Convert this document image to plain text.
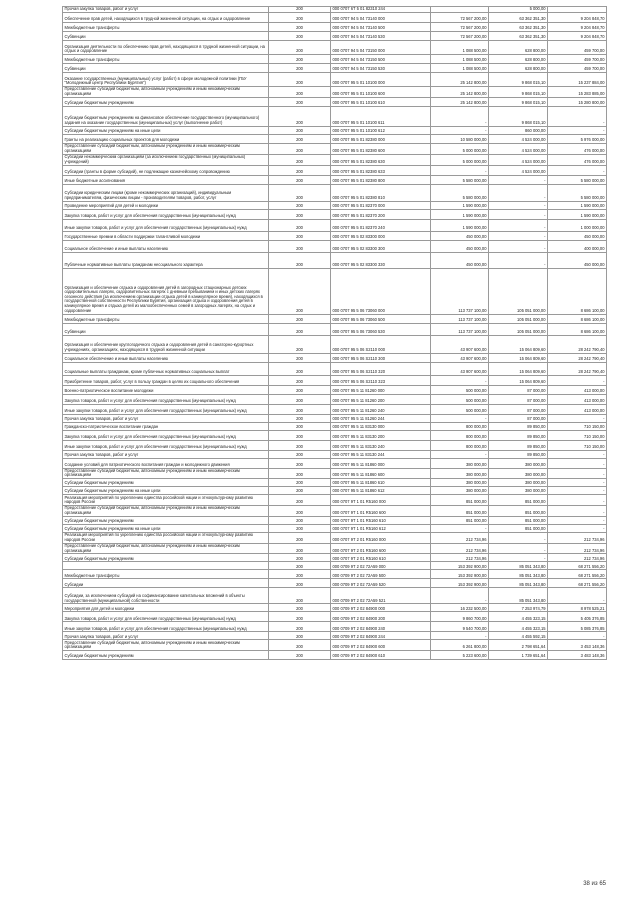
Прочая закупка товаров, работ и услуг	200	000 0707 6Т 5 01 82310 244		5 000,00	
Обеспечение прав детей, находящихся в трудной жизненной ситуации, на отдых и оздоровление	200	000 0707 94 5 04 73140 000	72 567 200,00	63 362 351,30	9 204 848,70
Межбюджетные трансферты	200	000 0707 94 5 04 73140 500	72 567 200,00	63 362 351,30	9 204 848,70
Субвенции	200	000 0707 94 5 04 73140 530	72 567 200,00	63 362 351,30	9 204 848,70
Организация деятельности по обеспечению прав детей, находящихся в трудной жизненной ситуации, на отдых и оздоровление	200	000 0707 94 5 04 73150 000	1 088 500,00	628 800,00	459 700,00
Межбюджетные трансферты	200	000 0707 94 5 04 73150 500	1 088 500,00	628 800,00	459 700,00
Субвенции	200	000 0707 94 5 04 73150 530	1 088 500,00	628 800,00	459 700,00
Оказание государственных (муниципальных) услуг (работ) в сфере молодежной политики (ГБУ "Молодежный центр Республики Бурятия")	200	000 0707 95 5 01 10100 000	25 142 800,00	9 868 015,10	15 237 884,00
Предоставление субсидий бюджетным, автономным учреждениям и иным некоммерческим организациям	200	000 0707 95 5 01 10100 600	25 142 800,00	9 868 015,10	15 283 885,00
Субсидии бюджетным учреждениям	200	000 0707 95 5 01 10100 610	25 142 800,00	9 868 015,10	15 280 800,00
Субсидии бюджетным учреждениям на финансовое обеспечение государственного (муниципального) задания на оказание государственных (муниципальных) услуг (выполнение работ)	200	000 0707 95 5 01 10100 611	-	9 868 015,10	-
Субсидии бюджетным учреждениям на иные цели	200	000 0707 95 5 01 10100 612	-	860 000,00	-
Гранты на реализацию социальных проектов для молодежи	200	000 0707 95 5 01 82380 000	10 580 000,00	4 524 000,00	5 976 000,00
Предоставление субсидий бюджетным, автономным учреждениям и иным некоммерческим организациям	200	000 0707 95 5 01 82380 600	5 000 000,00	4 524 000,00	476 000,00
Субсидии некоммерческим организациям (за исключением государственных (муниципальных) учреждений)	200	000 0707 95 5 01 82380 630	5 000 000,00	4 524 000,00	476 000,00
Субсидии (гранты в форме субсидий), не подлежащие казначейскому сопровождению	200	000 0707 95 5 01 82380 633	-	4 524 000,00	-
Иные бюджетные ассигнования	200	000 0707 95 5 01 82380 800	5 580 000,00	-	5 580 000,00
Субсидии юридическим лицам (кроме некоммерческих организаций), индивидуальным предпринимателям, физическим лицам - производителям товаров, работ, услуг	200	000 0707 95 5 01 82380 810	5 580 000,00	-	5 580 000,00
Проведение мероприятий для детей и молодежи	200	000 0707 95 5 01 82370 000	1 590 000,00	-	1 590 000,00
Закупка товаров, работ и услуг для обеспечения государственных (муниципальных) нужд	200	000 0707 95 5 01 82370 200	1 590 000,00	-	1 590 000,00
Иные закупки товаров, работ и услуг для обеспечения государственных (муниципальных) нужд	200	000 0707 95 5 01 82370 240	1 590 000,00	-	1 000 000,00
Государственные премии в области поддержки талантливой молодежи	200	000 0707 95 5 02 83300 000	450 000,00	-	450 000,00
Социальное обеспечение и иные выплаты населению	200	000 0707 95 5 02 83300 300	450 000,00	-	400 000,00
Публичные нормативные выплаты гражданам несоциального характера	200	000 0707 95 5 02 83300 330	450 000,00	-	450 000,00
Организация и обеспечение отдыха и оздоровления детей в загородных стационарных детских оздоровительных лагерях, оздоровительных лагерях с дневным пребыванием и иных детских лагерях сезонного действия (за исключением организации отдыха детей в каникулярное время), находящихся в государственной собственности Республики Бурятия, организация отдыха и оздоровления детей в каникулярное время и отдыха детей из малообеспеченных семей в загородных лагерях, на отдых и оздоровление	200	000 0707 95 5 06 73060 000	113 737 100,00	105 051 000,00	8 686 100,00
Межбюджетные трансферты	200	000 0707 95 5 06 73060 500	113 737 100,00	105 051 000,00	8 686 100,00
Субвенции	200	000 0707 95 5 06 73060 530	113 737 100,00	105 051 000,00	8 686 100,00
Организация и обеспечение круглогодичного отдыха и оздоровления детей в санаторно-курортных учреждениях, организациях, находящихся в трудной жизненной ситуации	200	000 0707 95 5 06 S2110 000	43 907 600,00	15 064 809,60	28 242 790,40
Социальное обеспечение и иные выплаты населению	200	000 0707 95 5 06 S2110 300	43 907 600,00	15 064 809,60	28 242 790,40
Социальные выплаты гражданам, кроме публичных нормативных социальных выплат	200	000 0707 95 5 06 S2110 320	43 907 600,00	15 064 809,60	28 242 790,40
Приобретение товаров, работ, услуг в пользу граждан в целях их социального обеспечения	200	000 0707 95 5 06 S2110 323	-	15 064 809,60	-
Военно-патриотическое воспитание молодежи	200	000 0707 95 5 11 81260 000	500 000,00	87 000,00	413 000,00
Закупка товаров, работ и услуг для обеспечения государственных (муниципальных) нужд	200	000 0707 95 5 11 81260 200	500 000,00	87 000,00	413 000,00
Иные закупки товаров, работ и услуг для обеспечения государственных (муниципальных) нужд	200	000 0707 95 5 11 81260 240	500 000,00	87 000,00	413 000,00
Прочая закупка товаров, работ и услуг	200	000 0707 95 5 11 81260 244	-	87 000,00	-
Гражданско-патриотическое воспитание граждан	200	000 0707 95 5 11 83130 000	800 000,00	89 850,00	710 150,00
Закупка товаров, работ и услуг для обеспечения государственных (муниципальных) нужд	200	000 0707 95 5 11 83130 200	800 000,00	89 850,00	710 150,00
Иные закупки товаров, работ и услуг для обеспечения государственных (муниципальных) нужд	200	000 0707 95 5 11 83130 240	800 000,00	89 850,00	710 150,00
Прочая закупка товаров, работ и услуг	200	000 0707 95 5 11 83130 244	-	89 850,00	-
Создание условий для патриотического воспитания граждан и молодежного движения	200	000 0707 95 5 11 81860 000	380 000,00	380 000,00	-
Предоставление субсидий бюджетным, автономным учреждениям и иным некоммерческим организациям	200	000 0707 95 5 11 81860 600	380 000,00	380 000,00	-
Субсидии бюджетным учреждениям	200	000 0707 95 5 11 81860 610	380 000,00	380 000,00	-
Субсидии бюджетным учреждениям на иные цели	200	000 0707 95 5 11 81860 612	380 000,00	380 000,00	-
Реализация мероприятий по укреплению единства российской нации и этнокультурному развитию народов России	200	000 0707 9Т 1 01 R5160 000	851 000,00	851 000,00	-
Предоставление субсидий бюджетным, автономным учреждениям и иным некоммерческим организациям	200	000 0707 9Т 1 01 R5160 600	851 000,00	851 000,00	-
Субсидии бюджетным учреждениям	200	000 0707 9Т 1 01 R5160 610	851 000,00	851 000,00	-
Субсидии бюджетным учреждениям на иные цели	200	000 0707 9Т 1 01 R5160 612	-	851 000,00	-
Реализация мероприятий по укреплению единства российской нации и этнокультурному развитию народов России	200	000 0707 9Т 2 01 R5160 000	212 734,96	-	212 734,96
Предоставление субсидий бюджетным, автономным учреждениям и иным некоммерческим организациям	200	000 0707 9Т 2 01 R5160 600	212 734,96	-	212 734,96
Субсидии бюджетным учреждениям	200	000 0707 9Т 2 01 R5160 610	212 734,96	-	212 734,96
	200	000 0709 9Т 2 02 72А59 000	153 392 900,00	85 051 343,80	68 271 556,20
Межбюджетные трансферты	200	000 0709 9Т 2 02 72А59 500	153 392 900,00	85 051 343,80	68 271 556,20
Субсидии	200	000 0709 9Т 2 02 72А59 520	153 392 900,00	85 051 343,80	68 271 556,20
Субсидии, за исключением субсидий на софинансирование капитальных вложений в объекты государственной (муниципальной) собственности	200	000 0709 9Т 2 02 72А59 521	-	85 051 343,80	-
Мероприятия для детей и молодежи	200	000 0709 9Т 2 02 84900 000	16 232 500,00	7 253 974,79	8 978 525,21
Закупка товаров, работ и услуг для обеспечения государственных (муниципальных) нужд	200	000 0709 9Т 2 02 84900 200	9 860 700,00	4 455 323,15	5 405 376,85
Иные закупки товаров, работ и услуг для обеспечения государственных (муниципальных) нужд	200	000 0709 9Т 2 02 84900 240	9 540 700,00	4 455 323,15	5 085 376,85
Прочая закупка товаров, работ и услуг	200	000 0709 9Т 2 02 84900 244	-	4 455 592,15	-
Предоставление субсидий бюджетным, автономным учреждениям и иным некоммерческим организациям	200	000 0709 9Т 2 02 84900 600	6 261 800,00	2 798 651,64	3 453 148,36
Субсидии бюджетным учреждениям	200	000 0709 9Т 2 02 84900 610	5 223 600,00	1 739 651,64	3 483 148,36
38 из 65
